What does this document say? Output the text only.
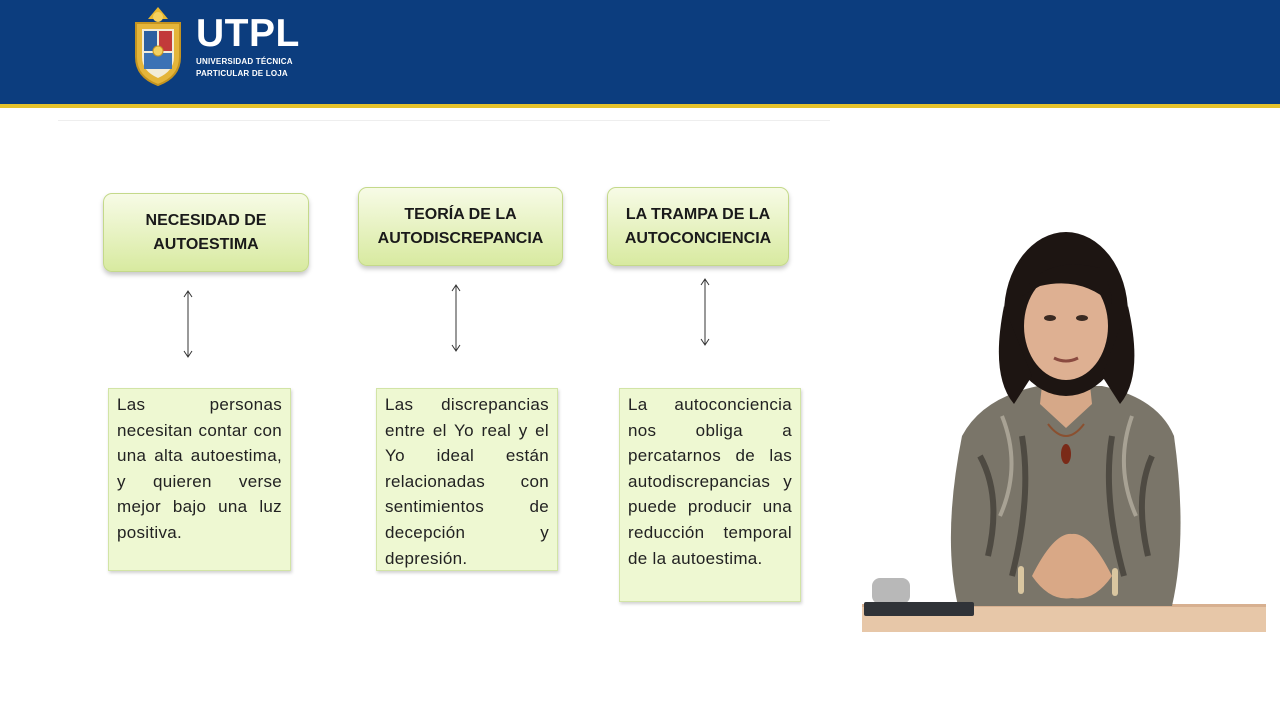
UTPL
UNIVERSIDAD TÉCNICA
PARTICULAR DE LOJA
NECESIDAD DE
AUTOESTIMA
Las personas necesitan contar con una alta autoestima, y quieren verse mejor bajo una luz positiva.
TEORÍA DE LA
AUTODISCREPANCIA
Las discrepancias entre el Yo real y el Yo ideal están relacionadas con sentimientos de decepción y depresión.
LA TRAMPA DE LA
AUTOCONCIENCIA
La autoconciencia nos obliga a percatarnos de las autodiscrepancias y puede producir una reducción temporal de la autoestima.
